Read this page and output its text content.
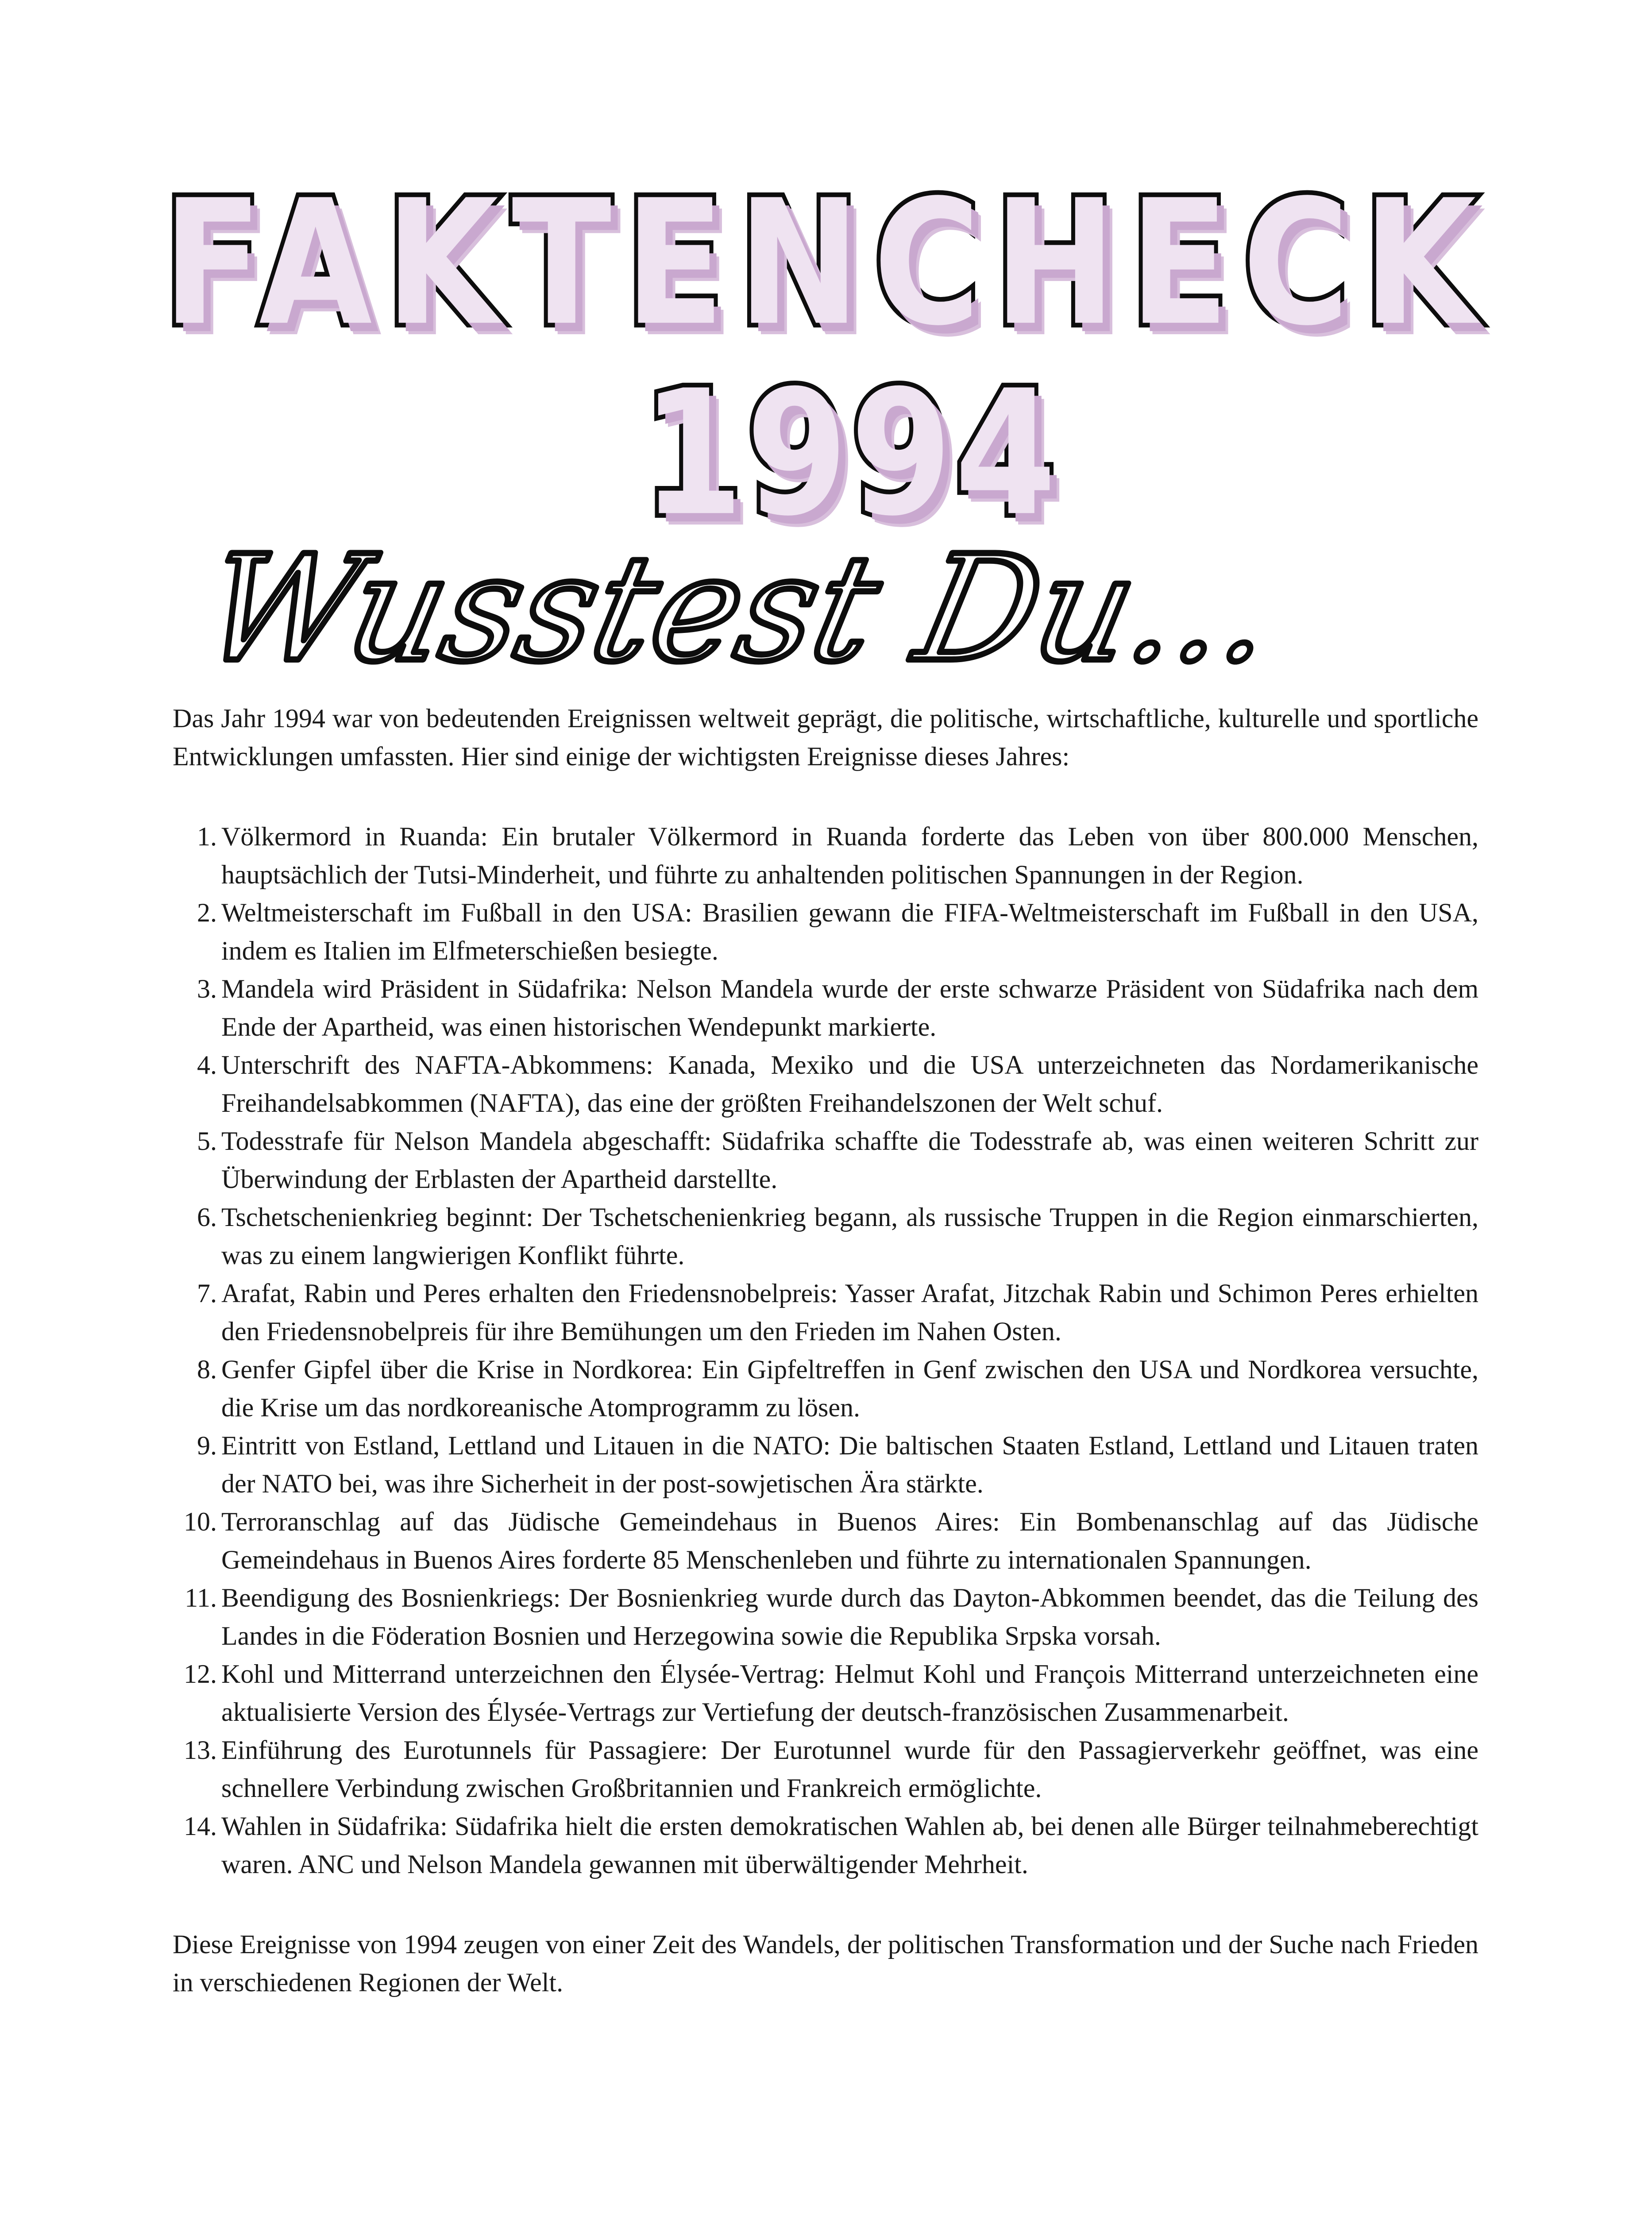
FAKTENCHECK
1994
Wusstest Du...

Das Jahr 1994 war von bedeutenden Ereignissen weltweit geprägt, die politische, wirtschaftliche, kulturelle und sportliche Entwicklungen umfassten. Hier sind einige der wichtigsten Ereignisse dieses Jahres:

1. Völkermord in Ruanda: Ein brutaler Völkermord in Ruanda forderte das Leben von über 800.000 Menschen, hauptsächlich der Tutsi-Minderheit, und führte zu anhaltenden politischen Spannungen in der Region.
2. Weltmeisterschaft im Fußball in den USA: Brasilien gewann die FIFA-Weltmeisterschaft im Fußball in den USA, indem es Italien im Elfmeterschießen besiegte.
3. Mandela wird Präsident in Südafrika: Nelson Mandela wurde der erste schwarze Präsident von Südafrika nach dem Ende der Apartheid, was einen historischen Wendepunkt markierte.
4. Unterschrift des NAFTA-Abkommens: Kanada, Mexiko und die USA unterzeichneten das Nordamerikanische Freihandelsabkommen (NAFTA), das eine der größten Freihandelszonen der Welt schuf.
5. Todesstrafe für Nelson Mandela abgeschafft: Südafrika schaffte die Todesstrafe ab, was einen weiteren Schritt zur Überwindung der Erblasten der Apartheid darstellte.
6. Tschetschenienkrieg beginnt: Der Tschetschenienkrieg begann, als russische Truppen in die Region einmarschierten, was zu einem langwierigen Konflikt führte.
7. Arafat, Rabin und Peres erhalten den Friedensnobelpreis: Yasser Arafat, Jitzchak Rabin und Schimon Peres erhielten den Friedensnobelpreis für ihre Bemühungen um den Frieden im Nahen Osten.
8. Genfer Gipfel über die Krise in Nordkorea: Ein Gipfeltreffen in Genf zwischen den USA und Nordkorea versuchte, die Krise um das nordkoreanische Atomprogramm zu lösen.
9. Eintritt von Estland, Lettland und Litauen in die NATO: Die baltischen Staaten Estland, Lettland und Litauen traten der NATO bei, was ihre Sicherheit in der post-sowjetischen Ära stärkte.
10. Terroranschlag auf das Jüdische Gemeindehaus in Buenos Aires: Ein Bombenanschlag auf das Jüdische Gemeindehaus in Buenos Aires forderte 85 Menschenleben und führte zu internationalen Spannungen.
11. Beendigung des Bosnienkriegs: Der Bosnienkrieg wurde durch das Dayton-Abkommen beendet, das die Teilung des Landes in die Föderation Bosnien und Herzegowina sowie die Republika Srpska vorsah.
12. Kohl und Mitterrand unterzeichnen den Élysée-Vertrag: Helmut Kohl und François Mitterrand unterzeichneten eine aktualisierte Version des Élysée-Vertrags zur Vertiefung der deutsch-französischen Zusammenarbeit.
13. Einführung des Eurotunnels für Passagiere: Der Eurotunnel wurde für den Passagierverkehr geöffnet, was eine schnellere Verbindung zwischen Großbritannien und Frankreich ermöglichte.
14. Wahlen in Südafrika: Südafrika hielt die ersten demokratischen Wahlen ab, bei denen alle Bürger teilnahmeberechtigt waren. ANC und Nelson Mandela gewannen mit überwältigender Mehrheit.

Diese Ereignisse von 1994 zeugen von einer Zeit des Wandels, der politischen Transformation und der Suche nach Frieden in verschiedenen Regionen der Welt.
